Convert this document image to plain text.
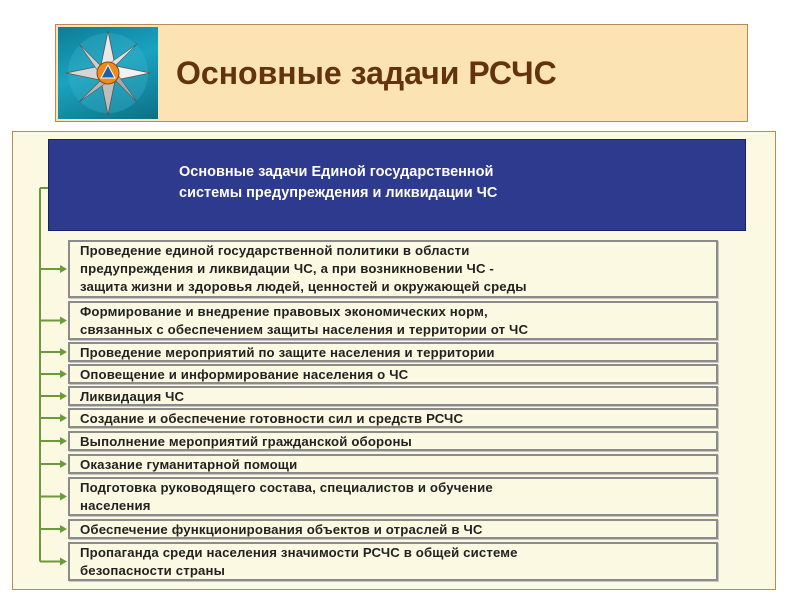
Основные задачи РСЧС
Основные задачи Единой государственной
системы предупреждения и ликвидации ЧС
Проведение единой государственной политики в области
предупреждения и ликвидации ЧС, а при возникновении ЧС -
защита жизни и здоровья людей, ценностей и окружающей среды
Формирование и внедрение правовых экономических норм,
связанных с обеспечением защиты населения и территории от ЧС
Проведение мероприятий по защите населения и территории
Оповещение и информирование населения о ЧС
Ликвидация ЧС
Создание и обеспечение готовности сил и средств РСЧС
Выполнение мероприятий гражданской обороны
Оказание гуманитарной помощи
Подготовка руководящего состава, специалистов и обучение
населения
Обеспечение функционирования объектов и отраслей в ЧС
Пропаганда среди населения значимости РСЧС в общей системе
безопасности страны
